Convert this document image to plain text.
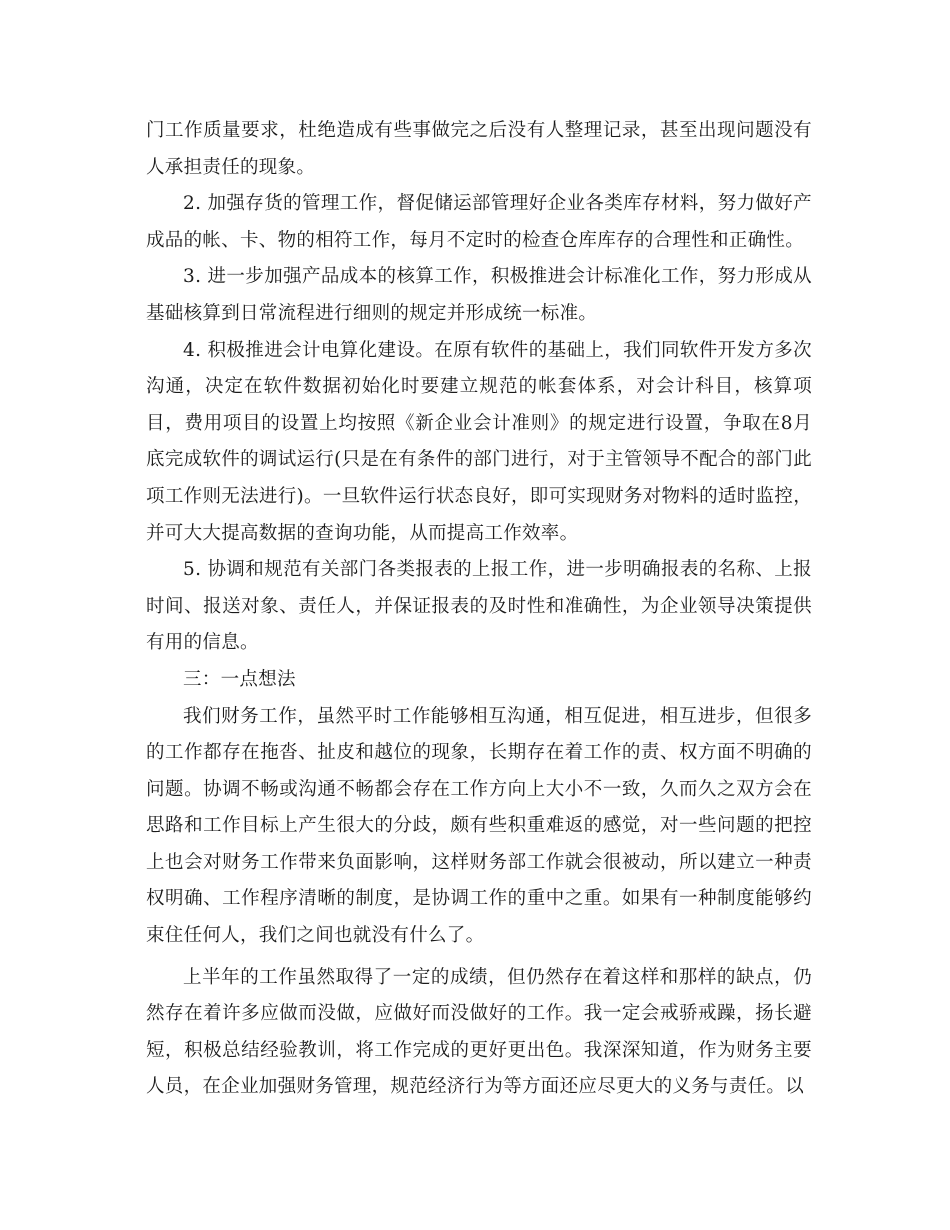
门工作质量要求，杜绝造成有些事做完之后没有人整理记录，甚至出现问题没有人承担责任的现象。

2. 加强存货的管理工作，督促储运部管理好企业各类库存材料，努力做好产成品的帐、卡、物的相符工作，每月不定时的检查仓库库存的合理性和正确性。

3. 进一步加强产品成本的核算工作，积极推进会计标准化工作，努力形成从基础核算到日常流程进行细则的规定并形成统一标准。

4. 积极推进会计电算化建设。在原有软件的基础上，我们同软件开发方多次沟通，决定在软件数据初始化时要建立规范的帐套体系，对会计科目，核算项目，费用项目的设置上均按照《新企业会计准则》的规定进行设置，争取在8月底完成软件的调试运行(只是在有条件的部门进行，对于主管领导不配合的部门此项工作则无法进行)。一旦软件运行状态良好，即可实现财务对物料的适时监控，并可大大提高数据的查询功能，从而提高工作效率。

5. 协调和规范有关部门各类报表的上报工作，进一步明确报表的名称、上报时间、报送对象、责任人，并保证报表的及时性和准确性，为企业领导决策提供有用的信息。

三：一点想法

我们财务工作，虽然平时工作能够相互沟通，相互促进，相互进步，但很多的工作都存在拖沓、扯皮和越位的现象，长期存在着工作的责、权方面不明确的问题。协调不畅或沟通不畅都会存在工作方向上大小不一致，久而久之双方会在思路和工作目标上产生很大的分歧，颇有些积重难返的感觉，对一些问题的把控上也会对财务工作带来负面影响，这样财务部工作就会很被动，所以建立一种责权明确、工作程序清晰的制度，是协调工作的重中之重。如果有一种制度能够约束住任何人，我们之间也就没有什么了。

上半年的工作虽然取得了一定的成绩，但仍然存在着这样和那样的缺点，仍然存在着许多应做而没做，应做好而没做好的工作。我一定会戒骄戒躁，扬长避短，积极总结经验教训，将工作完成的更好更出色。我深深知道，作为财务主要人员，在企业加强财务管理，规范经济行为等方面还应尽更大的义务与责任。以
